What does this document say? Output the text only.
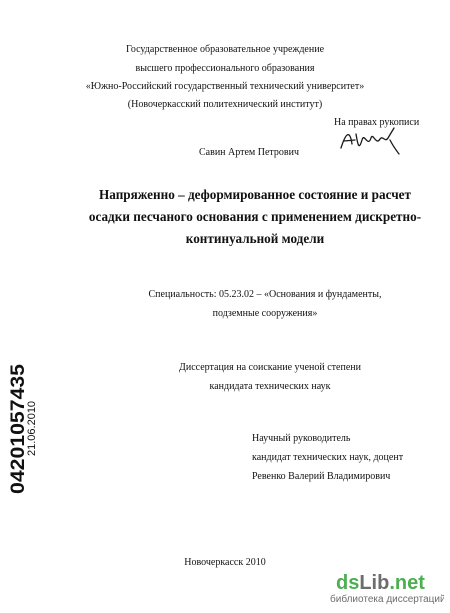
Государственное образовательное учреждение
высшего профессионального образования
«Южно-Российский государственный технический университет»
(Новочеркасский политехнический институт)
На правах рукописи
Савин Артем Петрович
Напряженно – деформированное состояние и расчет
осадки песчаного основания с применением дискретно-
континуальной модели
Специальность: 05.23.02 – «Основания и фундаменты,
подземные сооружения»
Диссертация на соискание ученой степени
кандидата технических наук
Научный руководитель
кандидат технических наук, доцент
Ревенко Валерий Владимирович
Новочеркасск 2010
04201057435
21.06.2010
dsLib.net
библиотека диссертаций
